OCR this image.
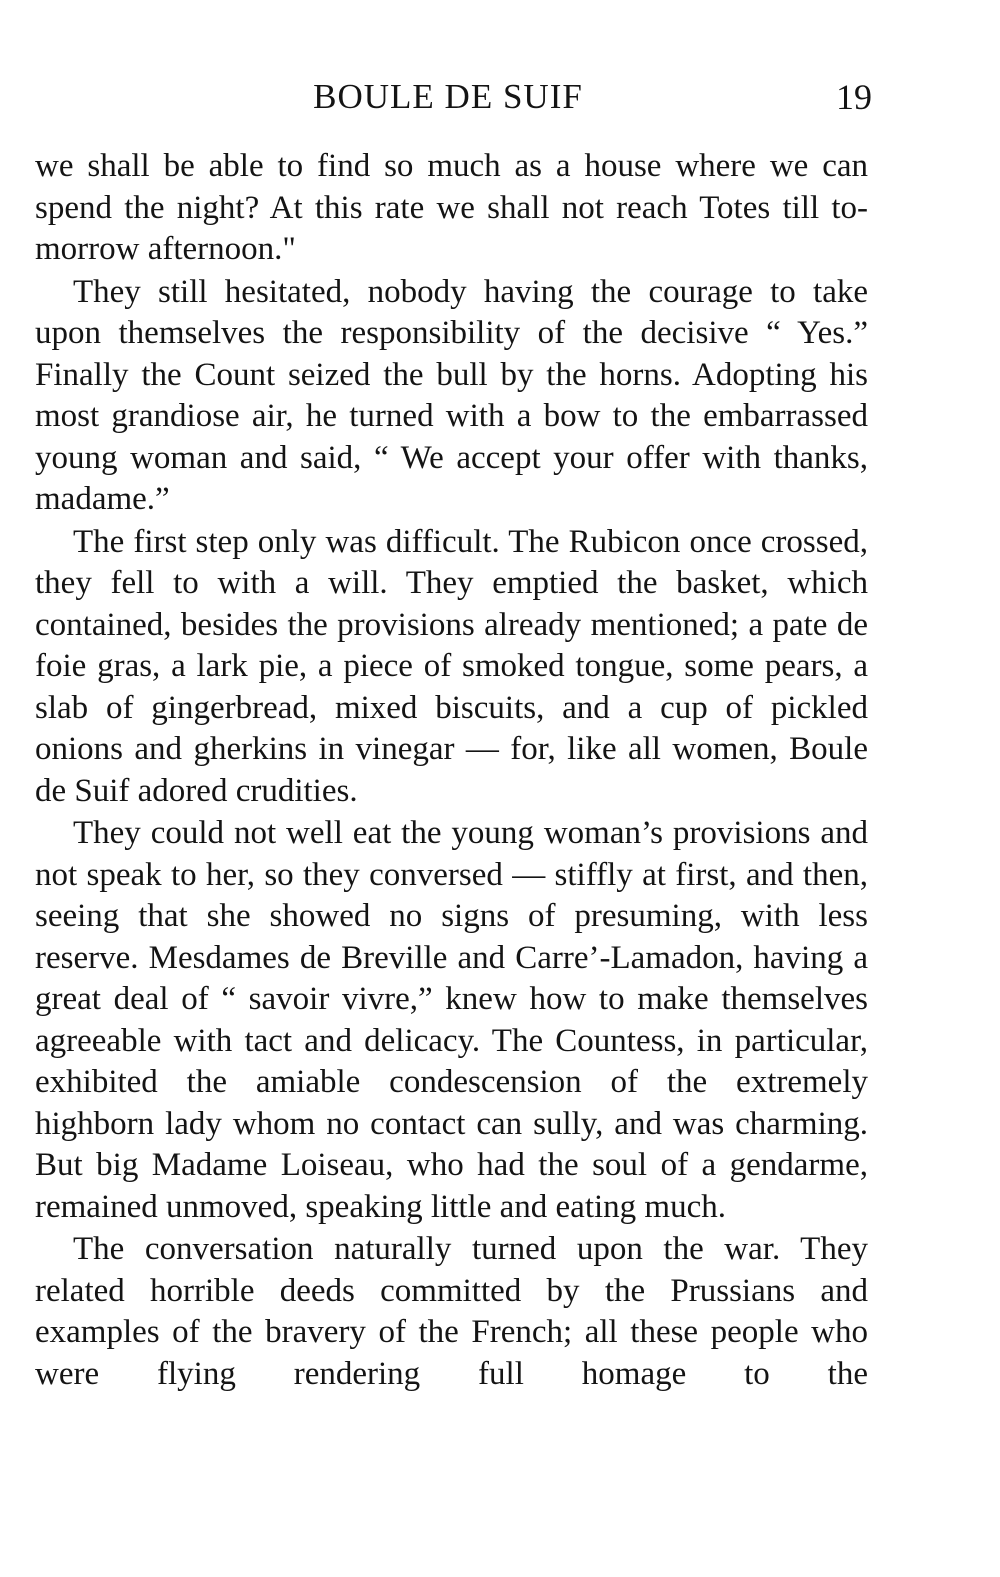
BOULE DE SUIF	19

we shall be able to find so much as a house where we can spend the night? At this rate we shall not reach Totes till to-morrow afternoon."

They still hesitated, nobody having the courage to take upon themselves the responsibility of the decisive “ Yes.” Finally the Count seized the bull by the horns. Adopting his most grandiose air, he turned with a bow to the embarrassed young woman and said, “ We accept your offer with thanks, madame.”

The first step only was difficult. The Rubicon once crossed, they fell to with a will. They emptied the basket, which contained, besides the provisions already mentioned; a pate de foie gras, a lark pie, a piece of smoked tongue, some pears, a slab of gingerbread, mixed biscuits, and a cup of pickled onions and gherkins in vinegar — for, like all women, Boule de Suif adored crudities.

They could not well eat the young woman’s provisions and not speak to her, so they conversed — stiffly at first, and then, seeing that she showed no signs of presuming, with less reserve. Mesdames de Breville and Carre’-Lamadon, having a great deal of “ savoir vivre,” knew how to make themselves agreeable with tact and delicacy. The Countess, in particular, exhibited the amiable condescension of the extremely highborn lady whom no contact can sully, and was charming. But big Madame Loiseau, who had the soul of a gendarme, remained unmoved, speaking little and eating much.

The conversation naturally turned upon the war. They related horrible deeds committed by the Prussians and examples of the bravery of the French; all these people who were flying rendering full homage to the
